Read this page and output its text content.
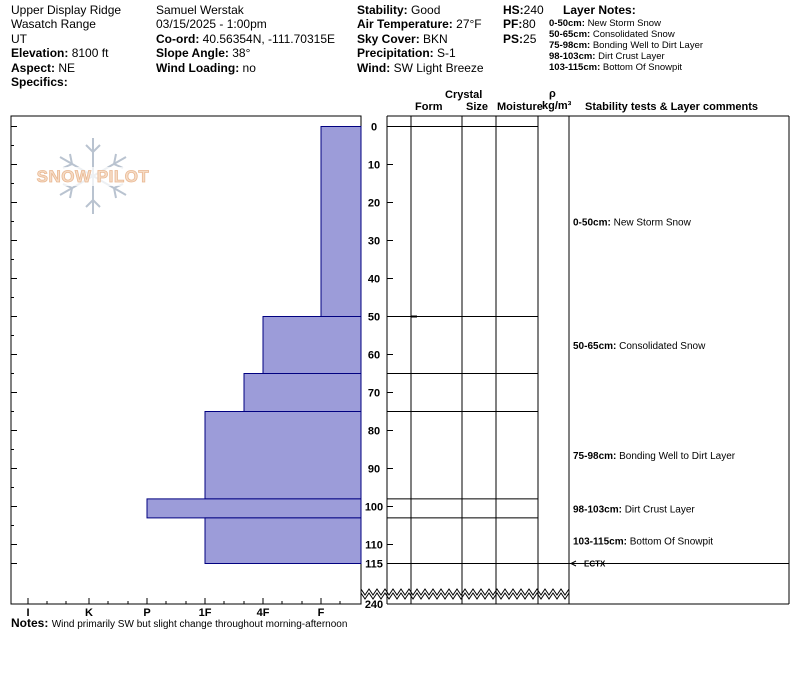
Upper Display Ridge
Wasatch Range
UT
Elevation: 8100 ft
Aspect: NE
Specifics:
Samuel Werstak
03/15/2025 - 1:00pm
Co-ord: 40.56354N, -111.70315E
Slope Angle: 38°
Wind Loading: no
Stability: Good
Air Temperature: 27°F
Sky Cover: BKN
Precipitation: S-1
Wind: SW Light Breeze
HS:240
PF:80
PS:25
Layer Notes:
0-50cm: New Storm Snow
50-65cm: Consolidated Snow
75-98cm: Bonding Well to Dirt Layer
98-103cm: Dirt Crust Layer
103-115cm: Bottom Of Snowpit
Crystal
Form Size Moisture
ρ
kg/m³ Stability tests & Layer comments
SNOW PILOT
0
10
20
30
40
50
60
70
80
90
100
110
115
240
I	K	P	1F	4F	F
0-50cm: New Storm Snow
50-65cm: Consolidated Snow
75-98cm: Bonding Well to Dirt Layer
98-103cm: Dirt Crust Layer
103-115cm: Bottom Of Snowpit
ECTX
Notes: Wind primarily SW but slight change throughout morning-afternoon
